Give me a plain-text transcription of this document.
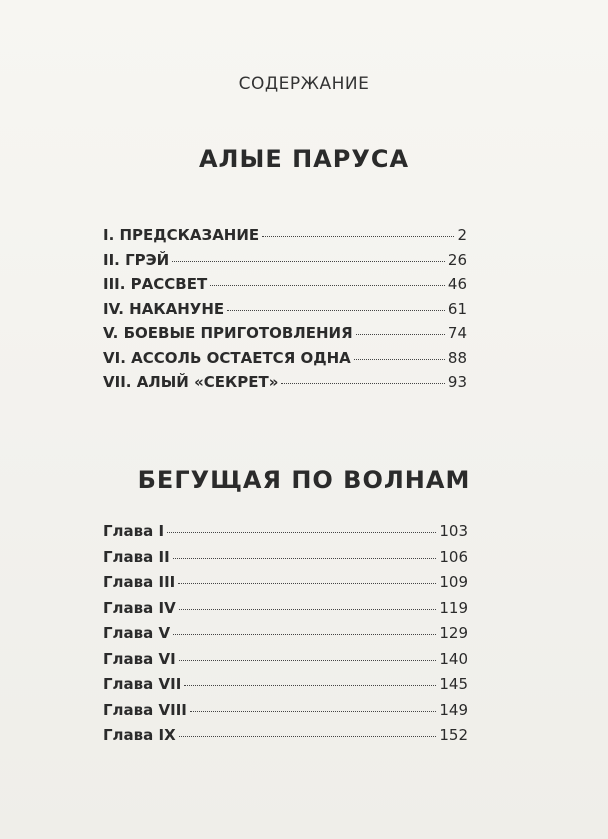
СОДЕРЖАНИЕ
АЛЫЕ ПАРУСА
I. ПРЕДСКАЗАНИЕ	2
II. ГРЭЙ	26
III. РАССВЕТ	46
IV. НАКАНУНЕ	61
V. БОЕВЫЕ ПРИГОТОВЛЕНИЯ	74
VI. АССОЛЬ ОСТАЕТСЯ ОДНА	88
VII. АЛЫЙ «СЕКРЕТ»	93
БЕГУЩАЯ ПО ВОЛНАМ
Глава I	103
Глава II	106
Глава III	109
Глава IV	119
Глава V	129
Глава VI	140
Глава VII	145
Глава VIII	149
Глава IX	152
